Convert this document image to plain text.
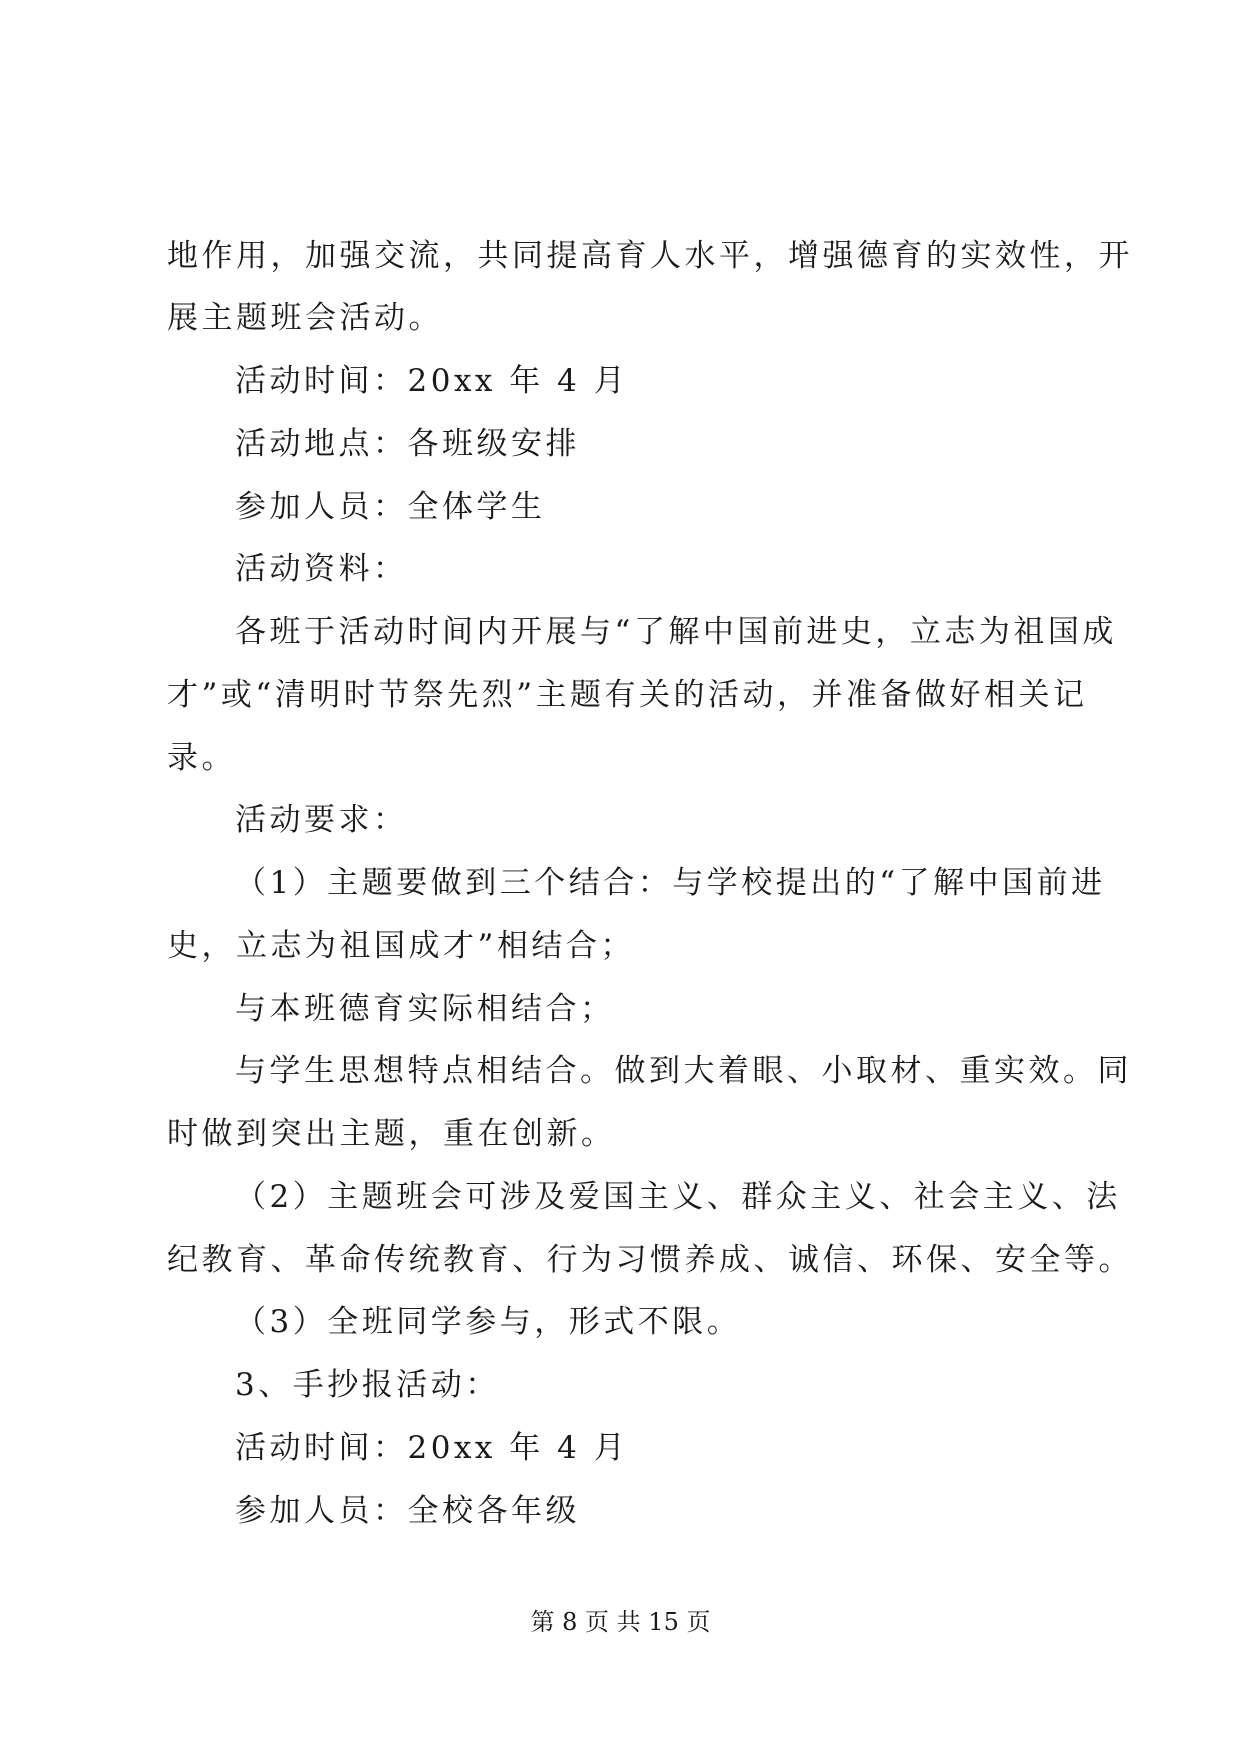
地作用，加强交流，共同提高育人水平，增强德育的实效性，开
展主题班会活动。
活动时间：20xx 年 4 月
活动地点：各班级安排
参加人员：全体学生
活动资料：
各班于活动时间内开展与“了解中国前进史，立志为祖国成
才”或“清明时节祭先烈”主题有关的活动，并准备做好相关记
录。
活动要求：
（1）主题要做到三个结合：与学校提出的“了解中国前进
史，立志为祖国成才”相结合；
与本班德育实际相结合；
与学生思想特点相结合。做到大着眼、小取材、重实效。同
时做到突出主题，重在创新。
（2）主题班会可涉及爱国主义、群众主义、社会主义、法
纪教育、革命传统教育、行为习惯养成、诚信、环保、安全等。
（3）全班同学参与，形式不限。
3、手抄报活动：
活动时间：20xx 年 4 月
参加人员：全校各年级
第 8 页 共 15 页
